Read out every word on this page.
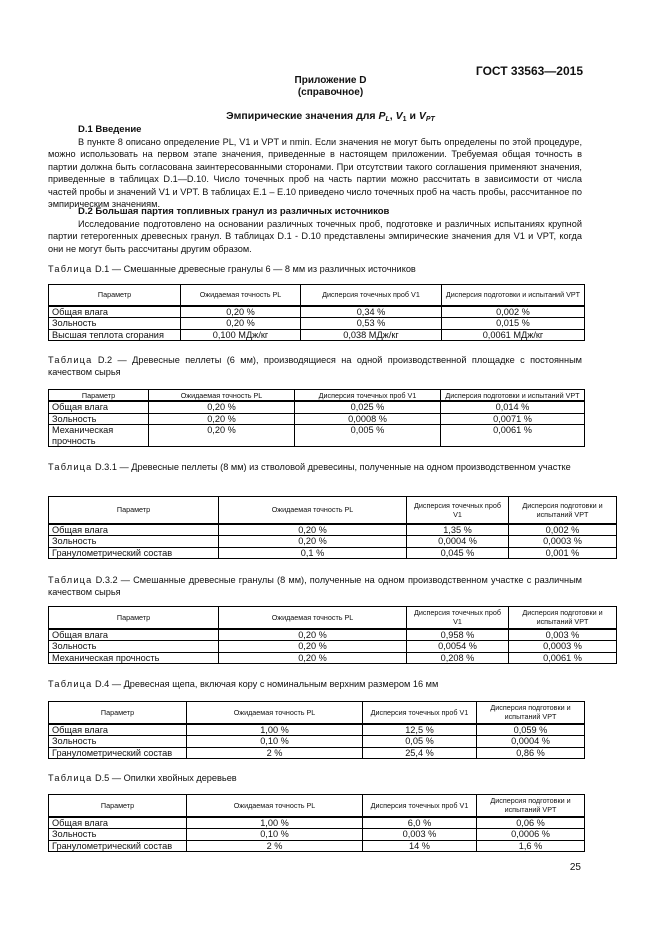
ГОСТ 33563—2015
Приложение D
(справочное)
Эмпирические значения для $P_L$, $V_1$ и $V_{PT}$
D.1 Введение
В пункте 8 описано определение PL, V1 и VPT и nmin. Если значения не могут быть определены по этой процедуре, можно использовать на первом этапе значения, приведенные в настоящем приложении. Требуемая общая точность в партии должна быть согласована заинтересованными сторонами. При отсутствии такого соглашения применяют значения, приведенные в таблицах D.1—D.10. Число точечных проб на часть партии можно рассчитать в зависимости от числа частей пробы и значений V1 и VPT. В таблицах E.1 – E.10 приведено число точечных проб на часть пробы, рассчитанное по эмпирическим значениям.
D.2 Большая партия топливных гранул из различных источников
Исследование подготовлено на основании различных точечных проб, подготовке и различных испытаниях крупной партии гетерогенных древесных гранул. В таблицах D.1 - D.10 представлены эмпирические значения для V1 и VPT, когда они не могут быть рассчитаны другим образом.
Таблица D.1 — Смешанные древесные гранулы 6 — 8 мм из различных источников
Параметр	Ожидаемая точность PL	Дисперсия точечных проб V1	Дисперсия подготовки и испытаний VPT
Общая влага	0,20 %	0,34 %	0,002 %
Зольность	0,20 %	0,53 %	0,015 %
Высшая теплота сгорания	0,100 МДж/кг	0,038 МДж/кг	0,0061 МДж/кг
Таблица D.2 — Древесные пеллеты (6 мм), производящиеся на одной производственной площадке с постоянным качеством сырья
Параметр	Ожидаемая точность PL	Дисперсия точечных проб V1	Дисперсия подготовки и испытаний VPT
Общая влага	0,20 %	0,025 %	0,014 %
Зольность	0,20 %	0,0008 %	0,0071 %
Механическая прочность	0,20 %	0,005 %	0,0061 %
Таблица D.3.1 — Древесные пеллеты (8 мм) из стволовой древесины, полученные на одном производственном участке
Параметр	Ожидаемая точность PL	Дисперсия точечных проб V1	Дисперсия подготовки и испытаний VPT
Общая влага	0,20 %	1,35 %	0,002 %
Зольность	0,20 %	0,0004 %	0,0003 %
Гранулометрический состав	0,1 %	0,045 %	0,001 %
Таблица D.3.2 — Смешанные древесные гранулы (8 мм), полученные на одном производственном участке с различным качеством сырья
Параметр	Ожидаемая точность PL	Дисперсия точечных проб V1	Дисперсия подготовки и испытаний VPT
Общая влага	0,20 %	0,958 %	0,003 %
Зольность	0,20 %	0,0054 %	0,0003 %
Механическая прочность	0,20 %	0,208 %	0,0061 %
Таблица D.4 — Древесная щепа, включая кору с номинальным верхним размером 16 мм
Параметр	Ожидаемая точность PL	Дисперсия точечных проб V1	Дисперсия подготовки и испытаний VPT
Общая влага	1,00 %	12,5 %	0,059 %
Зольность	0,10 %	0,05 %	0,0004 %
Гранулометрический состав	2 %	25,4 %	0,86 %
Таблица D.5 — Опилки хвойных деревьев
Параметр	Ожидаемая точность PL	Дисперсия точечных проб V1	Дисперсия подготовки и испытаний VPT
Общая влага	1,00 %	6,0 %	0,06 %
Зольность	0,10 %	0,003 %	0,0006 %
Гранулометрический состав	2 %	14 %	1,6 %
25
